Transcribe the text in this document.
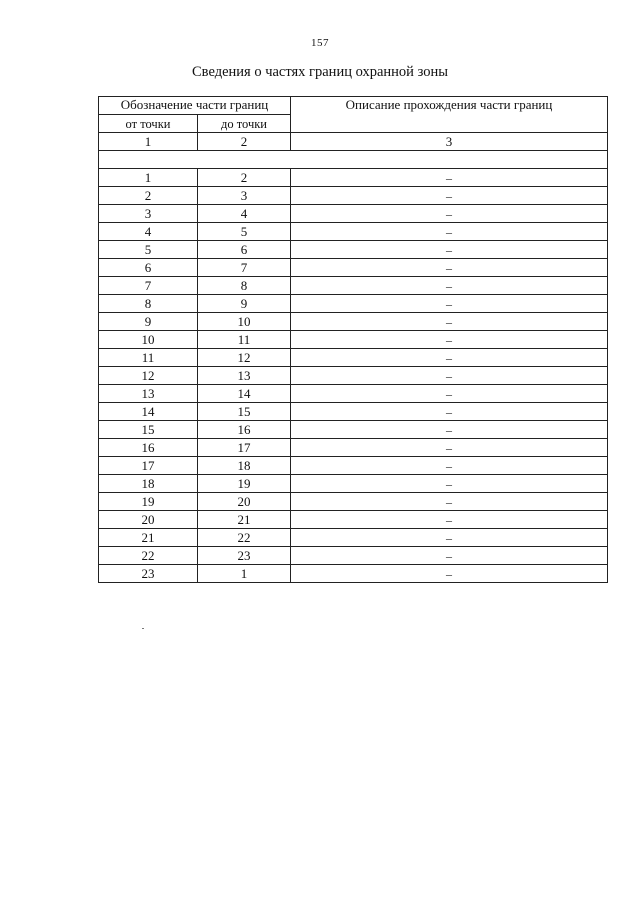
157
Сведения о частях границ охранной зоны
Обозначение части границ		Описание прохождения части границ
от точки	до точки	
1	2	3

1	2	–
2	3	–
3	4	–
4	5	–
5	6	–
6	7	–
7	8	–
8	9	–
9	10	–
10	11	–
11	12	–
12	13	–
13	14	–
14	15	–
15	16	–
16	17	–
17	18	–
18	19	–
19	20	–
20	21	–
21	22	–
22	23	–
23	1	–
